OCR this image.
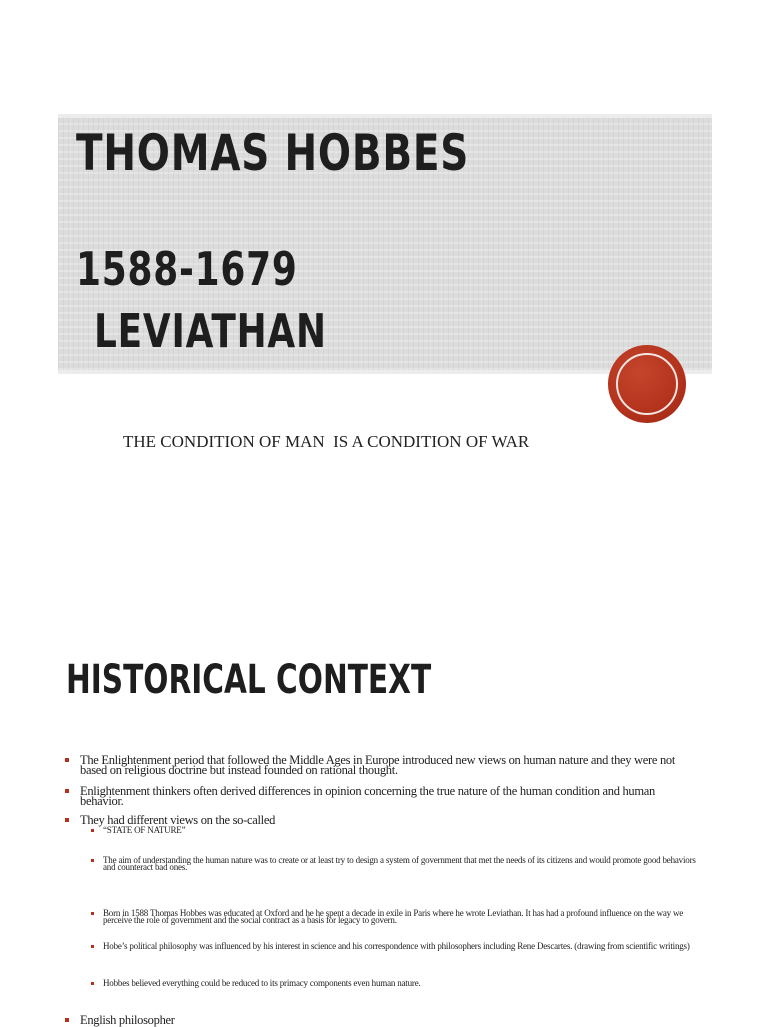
THOMAS HOBBES
1588-1679
LEVIATHAN
THE CONDITION OF MAN  IS A CONDITION OF WAR
HISTORICAL CONTEXT
The Enlightenment period that followed the Middle Ages in Europe introduced new views on human nature and they were not based on religious doctrine but instead founded on rational thought.
Enlightenment thinkers often derived differences in opinion concerning the true nature of the human condition and human behavior.
They had different views on the so-called
“STATE OF NATURE”
The aim of understanding the human nature was to create or at least try to design a system of government that met the needs of its citizens and would promote good behaviors and counteract bad ones.
Born in 1588 Thomas Hobbes was educated at Oxford and he he spent a decade in exile in Paris where he wrote Leviathan. It has had a profound influence on the way we perceive the role of government and the social contract as a basis for legacy to govern.
Hobe’s political philosophy was influenced by his interest in science and his correspondence with philosophers including Rene Descartes. (drawing from scientific writings)
Hobbes believed everything could be reduced to its primacy components even human nature.
English philosopher
